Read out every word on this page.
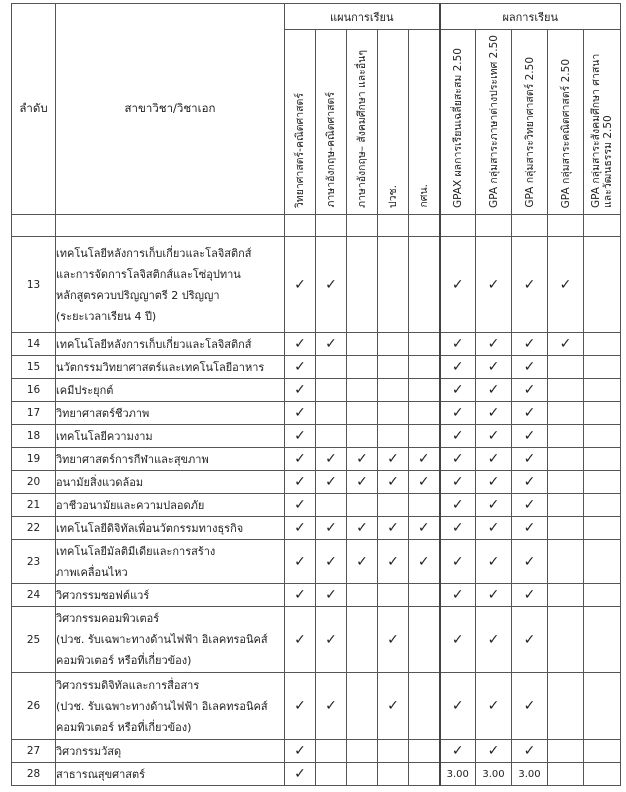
ลำดับ	สาขาวิชา/วิชาเอก	แผนการเรียน					ผลการเรียน				

		วิทยาศาสตร์-คณิตศาสตร์	ภาษาอังกฤษ-คณิตศาสตร์	ภาษาอังกฤษ– สังคมศึกษา และอื่นๆ	ปวช.	กศน.	GPAX ผลการเรียนเฉลี่ยสะสม 2.50	GPA กลุ่มสาระภาษาต่างประเทศ 2.50	GPA กลุ่มสาระวิทยาศาสตร์ 2.50	GPA กลุ่มสาระคณิตศาสตร์ 2.50	GPA กลุ่มสาระสังคมศึกษา ศาสนา และวัฒนธรรม 2.50

13	เทคโนโลยีหลังการเก็บเกี่ยวและโลจิสติกส์
และการจัดการโลจิสติกส์และโซ่อุปทาน
หลักสูตรควบปริญญาตรี 2 ปริญญา
(ระยะเวลาเรียน 4 ปี)	✓	✓				✓	✓	✓	✓	
14	เทคโนโลยีหลังการเก็บเกี่ยวและโลจิสติกส์	✓	✓				✓	✓	✓	✓	
15	นวัตกรรมวิทยาศาสตร์และเทคโนโลยีอาหาร	✓					✓	✓	✓		
16	เคมีประยุกต์	✓					✓	✓	✓		
17	วิทยาศาสตร์ชีวภาพ	✓					✓	✓	✓		
18	เทคโนโลยีความงาม	✓					✓	✓	✓		
19	วิทยาศาสตร์การกีฬาและสุขภาพ	✓	✓	✓	✓	✓	✓	✓	✓		
20	อนามัยสิ่งแวดล้อม	✓	✓	✓	✓	✓	✓	✓	✓		
21	อาชีวอนามัยและความปลอดภัย	✓					✓	✓	✓		
22	เทคโนโลยีดิจิทัลเพื่อนวัตกรรมทางธุรกิจ	✓	✓	✓	✓	✓	✓	✓	✓		
23	เทคโนโลยีมัลติมีเดียและการสร้าง
ภาพเคลื่อนไหว	✓	✓	✓	✓	✓	✓	✓	✓		
24	วิศวกรรมซอฟต์แวร์	✓	✓				✓	✓	✓		
25	วิศวกรรมคอมพิวเตอร์
(ปวช. รับเฉพาะทางด้านไฟฟ้า อิเลคทรอนิคส์
คอมพิวเตอร์ หรือที่เกี่ยวข้อง)	✓	✓		✓		✓	✓	✓		
26	วิศวกรรมดิจิทัลและการสื่อสาร
(ปวช. รับเฉพาะทางด้านไฟฟ้า อิเลคทรอนิคส์
คอมพิวเตอร์ หรือที่เกี่ยวข้อง)	✓	✓		✓		✓	✓	✓		
27	วิศวกรรมวัสดุ	✓					✓	✓	✓		
28	สาธารณสุขศาสตร์	✓					3.00	3.00	3.00		
